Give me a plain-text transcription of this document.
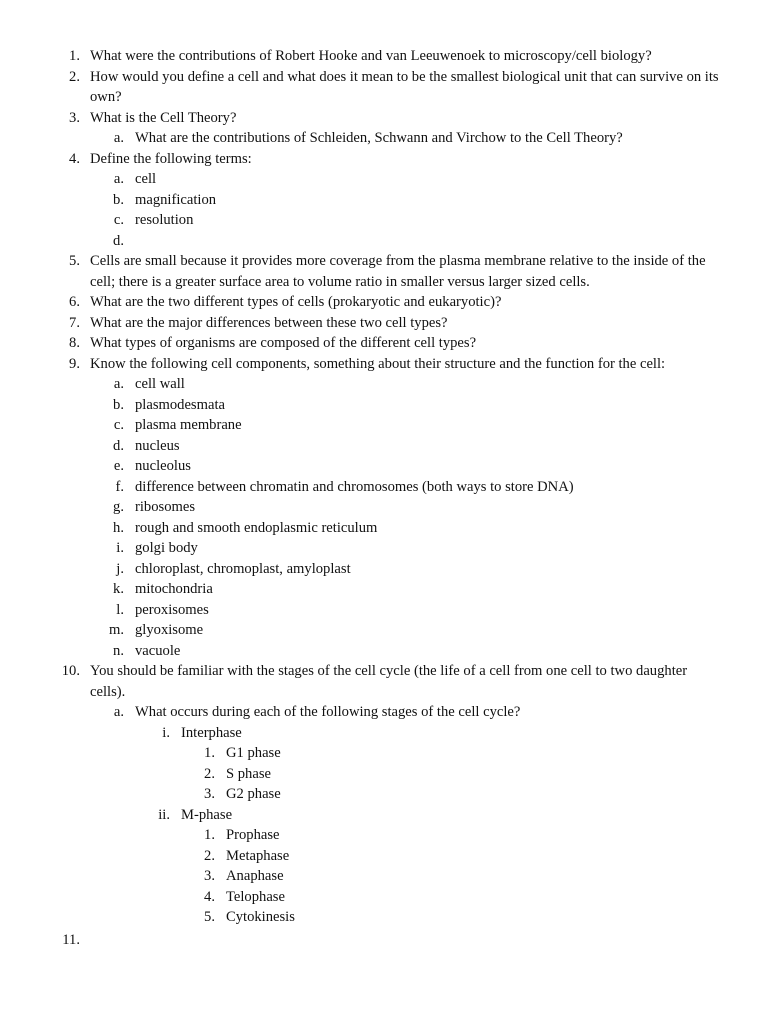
1. What were the contributions of Robert Hooke and van Leeuwenoek to microscopy/cell biology?
2. How would you define a cell and what does it mean to be the smallest biological unit that can survive on its own?
3. What is the Cell Theory?
a. What are the contributions of Schleiden, Schwann and Virchow to the Cell Theory?
4. Define the following terms:
a. cell
b. magnification
c. resolution
d.
5. Cells are small because it provides more coverage from the plasma membrane relative to the inside of the cell; there is a greater surface area to volume ratio in smaller versus larger sized cells.
6. What are the two different types of cells (prokaryotic and eukaryotic)?
7. What are the major differences between these two cell types?
8. What types of organisms are composed of the different cell types?
9. Know the following cell components, something about their structure and the function for the cell:
a. cell wall
b. plasmodesmata
c. plasma membrane
d. nucleus
e. nucleolus
f. difference between chromatin and chromosomes (both ways to store DNA)
g. ribosomes
h. rough and smooth endoplasmic reticulum
i. golgi body
j. chloroplast, chromoplast, amyloplast
k. mitochondria
l. peroxisomes
m. glyoxisome
n. vacuole
10. You should be familiar with the stages of the cell cycle (the life of a cell from one cell to two daughter cells).
a. What occurs during each of the following stages of the cell cycle?
i. Interphase
1. G1 phase
2. S phase
3. G2 phase
ii. M-phase
1. Prophase
2. Metaphase
3. Anaphase
4. Telophase
5. Cytokinesis
11.
